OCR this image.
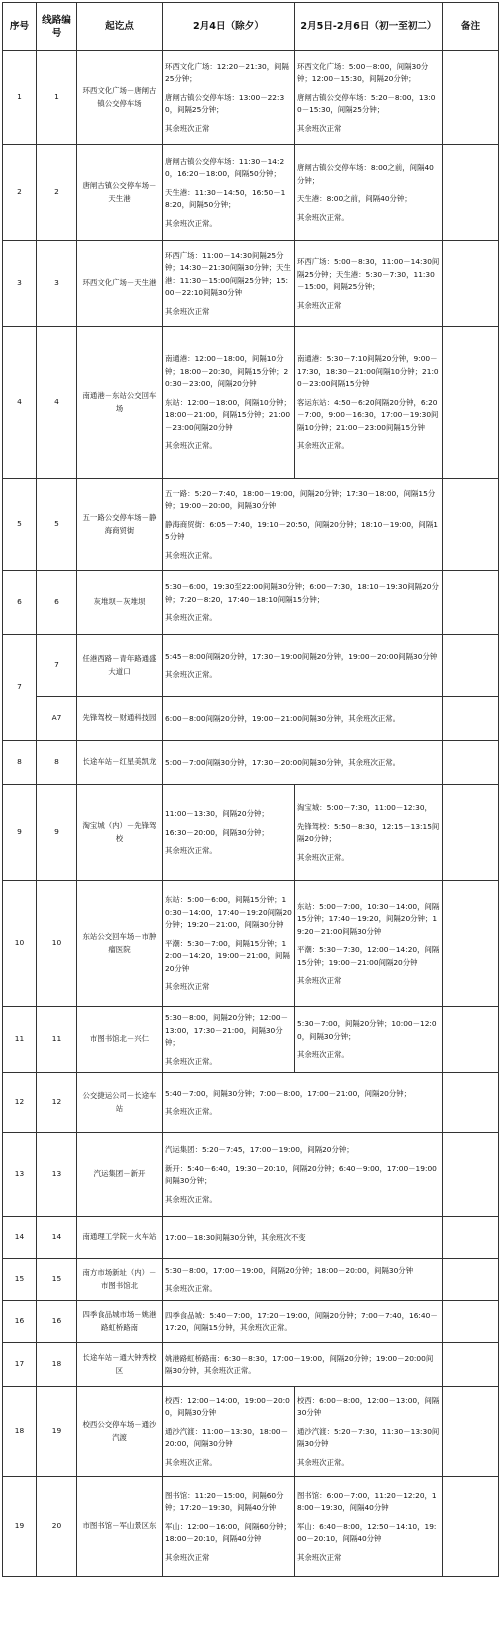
序号	线路编号	起讫点	2月4日（除夕）	2月5日-2月6日（初一至初二）	备注
1	1	环西文化广场－唐闸古镇公交停车场	环西文化广场：12:20－21:30，间隔25分钟；
唐闸古镇公交停车场：13:00－22:30，间隔25分钟；
其余班次正常	环西文化广场：5:00－8:00，间隔30分钟；12:00－15:30，间隔20分钟；
唐闸古镇公交停车场：5:20－8:00，13:00－15:30，间隔25分钟；
其余班次正常	

2	2	唐闸古镇公交停车场－天生港	唐闸古镇公交停车场：11:30－14:20，16:20－18:00，间隔50分钟；
天生港：11:30－14:50，16:50－18:20，间隔50分钟；
其余班次正常。	唐闸古镇公交停车场：8:00之前，间隔40分钟；
天生港：8:00之前，间隔40分钟；
其余班次正常。	

3	3	环西文化广场－天生港	环西广场：11:00－14:30间隔25分钟；14:30－21:30间隔30分钟；天生港：11:30－15:00间隔25分钟；15:00－22:10间隔30分钟
其余班次正常	环西广场：5:00－8:30，11:00－14:30间隔25分钟；天生港：5:30－7:30，11:30－15:00，间隔25分钟；
其余班次正常	

4	4	南通港－东站公交回车场	南通港：12:00－18:00，间隔10分钟；18:00－20:30，间隔15分钟；20:30－23:00，间隔20分钟
东站：12:00－18:00，间隔10分钟；18:00－21:00，间隔15分钟；21:00－23:00间隔20分钟
其余班次正常。	南通港：5:30－7:10间隔20分钟，9:00－17:30，18:30－21:00间隔10分钟；21:00－23:00间隔15分钟
客运东站：4:50－6:20间隔20分钟，6:20－7:00，9:00－16:30，17:00－19:30间隔10分钟；21:00－23:00间隔15分钟
其余班次正常。	

5	5	五一路公交停车场－静海商贸街	五一路：5:20－7:40，18:00－19:00，间隔20分钟；17:30－18:00，间隔15分钟；19:00－20:00，间隔30分钟
静海商贸街：6:05－7:40，19:10－20:50，间隔20分钟；18:10－19:00，间隔15分钟
其余班次正常。		

6	6	灰堆坝－灰堆坝	5:30－6:00，19:30至22:00间隔30分钟；6:00－7:30，18:10－19:30间隔20分钟；7:20－8:20，17:40－18:10间隔15分钟；
其余班次正常。		

7	7	任港西路－青年路通盛大道口	5:45－8:00间隔20分钟，17:30－19:00间隔20分钟，19:00－20:00间隔30分钟
其余班次正常。		

	A7	先锋驾校－财通科技园	6:00－8:00间隔20分钟，19:00－21:00间隔30分钟，其余班次正常。		

8	8	长途车站－红星美凯龙	5:00－7:00间隔30分钟，17:30－20:00间隔30分钟，其余班次正常。		

9	9	淘宝城（内）－先锋驾校	11:00－13:30，间隔20分钟；
16:30－20:00，间隔30分钟；
其余班次正常。	淘宝城：5:00－7:30，11:00－12:30，
先锋驾校：5:50－8:30，12:15－13:15间隔20分钟；
其余班次正常。	

10	10	东站公交回车场－市肿瘤医院	东站：5:00－6:00，间隔15分钟；10:30－14:00，17:40－19:20间隔20分钟；19:20－21:00，间隔30分钟
平潮：5:30－7:00，间隔15分钟；12:00－14:20，19:00－21:00，间隔20分钟
其余班次正常	东站：5:00－7:00，10:30－14:00，间隔15分钟；17:40－19:20，间隔20分钟；19:20－21:00间隔30分钟
平潮：5:30－7:30，12:00－14:20，间隔15分钟；19:00－21:00间隔20分钟
其余班次正常	

11	11	市图书馆北－兴仁	5:30－8:00，间隔20分钟；12:00－13:00，17:30－21:00，间隔30分钟；
其余班次正常。	5:30－7:00，间隔20分钟；10:00－12:00，间隔30分钟；
其余班次正常。	

12	12	公交捷运公司－长途车站	5:40－7:00，间隔30分钟；7:00－8:00，17:00－21:00，间隔20分钟；
其余班次正常。		

13	13	汽运集团－新开	汽运集团：5:20－7:45，17:00－19:00，间隔20分钟；
新开：5:40－6:40，19:30－20:10，间隔20分钟；6:40－9:00，17:00－19:00间隔30分钟；
其余班次正常。		

14	14	南通理工学院－火车站	17:00－18:30间隔30分钟，其余班次不变		

15	15	南方市场新址（内）－市图书馆北	5:30－8:00，17:00－19:00，间隔20分钟；18:00－20:00，间隔30分钟
其余班次正常。		

16	16	四季食品城市场－姚港路虹桥路南	四季食品城：5:40－7:00，17:20－19:00，间隔20分钟；7:00－7:40，16:40－17:20，间隔15分钟，其余班次正常。		

17	18	长途车站－通大钟秀校区	姚港路虹桥路南：6:30－8:30，17:00－19:00，间隔20分钟；19:00－20:00间隔30分钟，其余班次正常。		

18	19	校西公交停车场－通沙汽渡	校西：12:00－14:00，19:00－20:00，间隔30分钟
通沙汽渡：11:00－13:30，18:00－20:00，间隔30分钟
其余班次正常。	校西：6:00－8:00，12:00－13:00，间隔30分钟
通沙汽渡：5:20－7:30，11:30－13:30间隔30分钟
其余班次正常。	

19	20	市图书馆－军山景区东	图书馆：11:20－15:00，间隔60分钟；17:20－19:30，间隔40分钟
军山：12:00－16:00，间隔60分钟；18:00－20:10，间隔40分钟
其余班次正常	图书馆：6:00－7:00，11:20－12:20，18:00－19:30，间隔40分钟
军山：6:40－8:00，12:50－14:10，19:00－20:10，间隔40分钟
其余班次正常	
